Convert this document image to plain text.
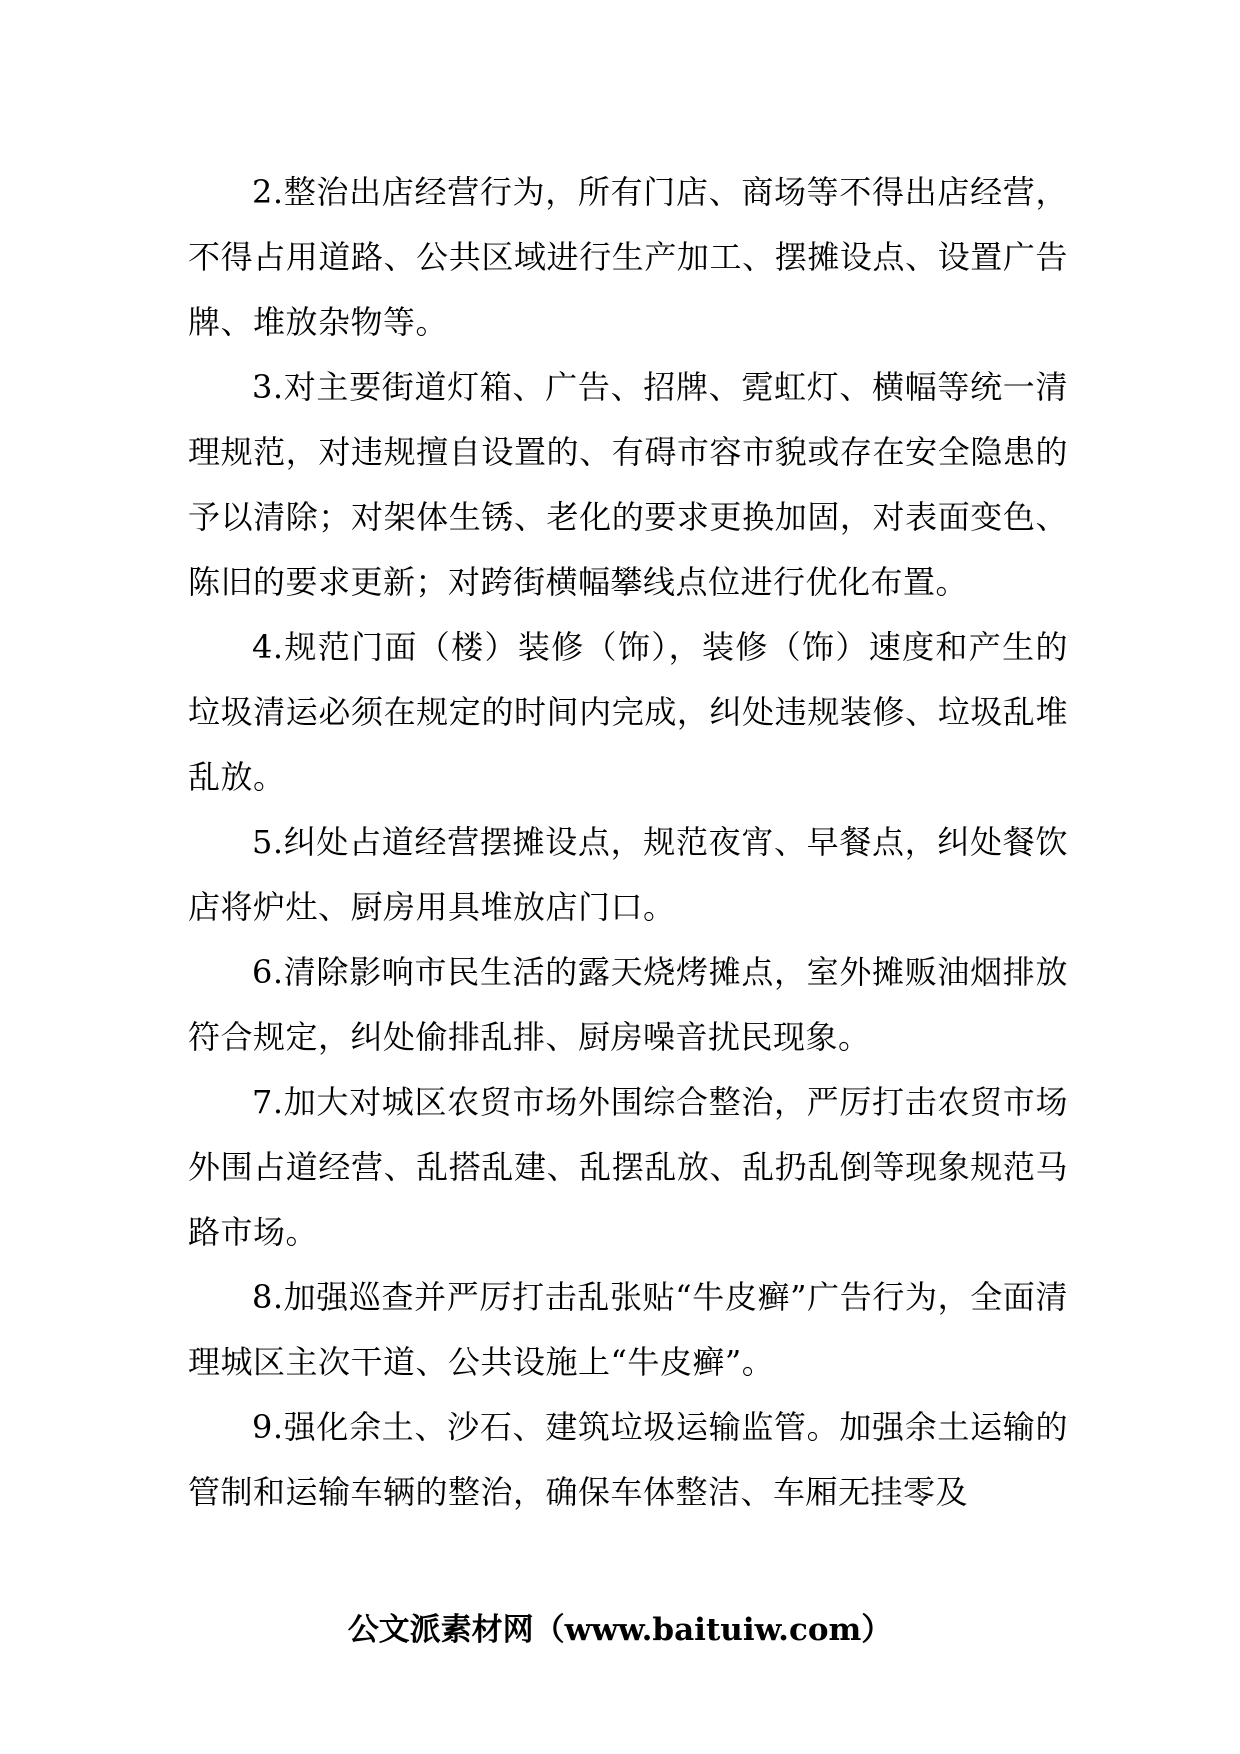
2.整治出店经营行为，所有门店、商场等不得出店经营，不得占用道路、公共区域进行生产加工、摆摊设点、设置广告牌、堆放杂物等。

3.对主要街道灯箱、广告、招牌、霓虹灯、横幅等统一清理规范，对违规擅自设置的、有碍市容市貌或存在安全隐患的予以清除；对架体生锈、老化的要求更换加固，对表面变色、陈旧的要求更新；对跨街横幅攀线点位进行优化布置。

4.规范门面（楼）装修（饰），装修（饰）速度和产生的垃圾清运必须在规定的时间内完成，纠处违规装修、垃圾乱堆乱放。

5.纠处占道经营摆摊设点，规范夜宵、早餐点，纠处餐饮店将炉灶、厨房用具堆放店门口。

6.清除影响市民生活的露天烧烤摊点，室外摊贩油烟排放符合规定，纠处偷排乱排、厨房噪音扰民现象。

7.加大对城区农贸市场外围综合整治，严厉打击农贸市场外围占道经营、乱搭乱建、乱摆乱放、乱扔乱倒等现象规范马路市场。

8.加强巡查并严厉打击乱张贴“牛皮癣”广告行为，全面清理城区主次干道、公共设施上“牛皮癣”。

9.强化余土、沙石、建筑垃圾运输监管。加强余土运输的管制和运输车辆的整治，确保车体整洁、车厢无挂零及

公文派素材网（www.baituiw.com）
